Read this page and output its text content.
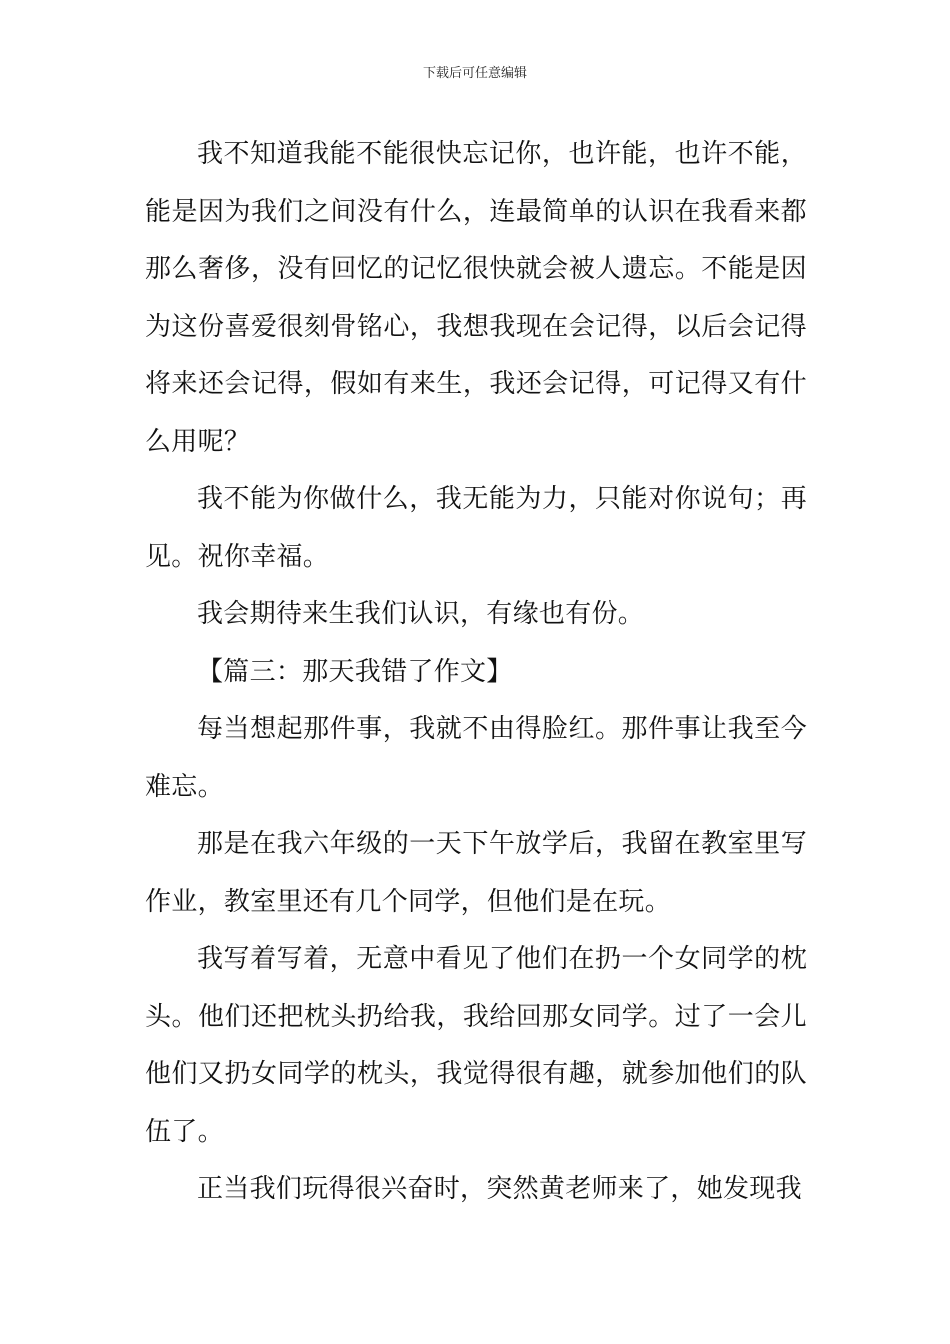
下载后可任意编辑

我不知道我能不能很快忘记你，也许能，也许不能，能是因为我们之间没有什么，连最简单的认识在我看来都那么奢侈，没有回忆的记忆很快就会被人遗忘。不能是因为这份喜爱很刻骨铭心，我想我现在会记得，以后会记得将来还会记得，假如有来生，我还会记得，可记得又有什么用呢？

我不能为你做什么，我无能为力，只能对你说句；再见。祝你幸福。

我会期待来生我们认识，有缘也有份。

【篇三：那天我错了作文】

每当想起那件事，我就不由得脸红。那件事让我至今难忘。

那是在我六年级的一天下午放学后，我留在教室里写作业，教室里还有几个同学，但他们是在玩。

我写着写着，无意中看见了他们在扔一个女同学的枕头。他们还把枕头扔给我，我给回那女同学。过了一会儿他们又扔女同学的枕头，我觉得很有趣，就参加他们的队伍了。

正当我们玩得很兴奋时，突然黄老师来了，她发现我
